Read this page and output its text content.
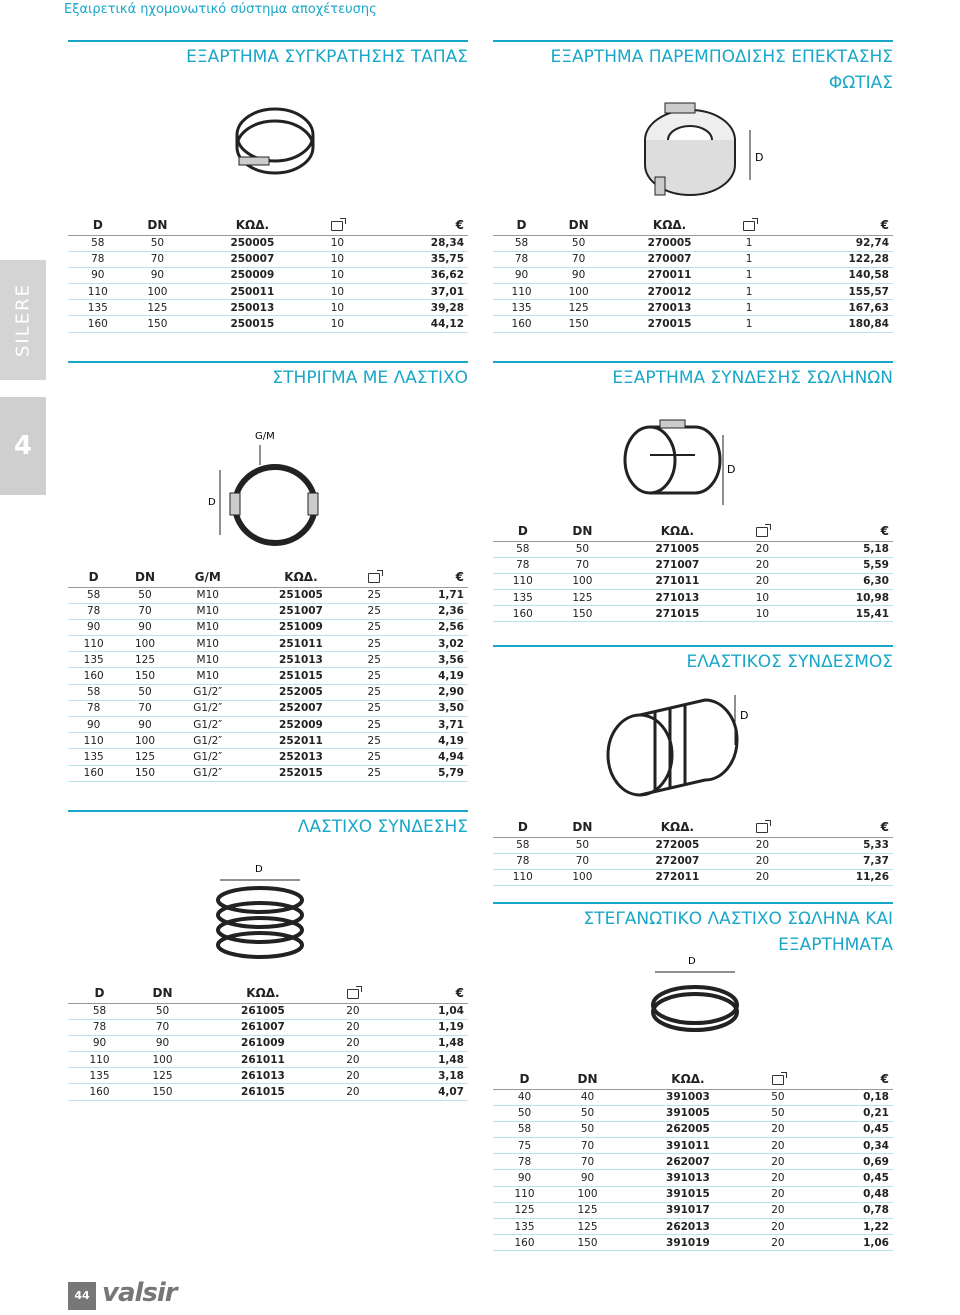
Εξαιρετικά ηχομονωτικό σύστημα αποχέτευσης
SILERE
4
ΕΞΑΡΤΗΜΑ ΣΥΓΚΡΑΤΗΣΗΣ ΤΑΠΑΣ
D	DN	ΚΩΔ.		€
58	50	250005	10	28,34
78	70	250007	10	35,75
90	90	250009	10	36,62
110	100	250011	10	37,01
135	125	250013	10	39,28
160	150	250015	10	44,12
ΕΞΑΡΤΗΜΑ ΠΑΡΕΜΠΟΔΙΣΗΣ ΕΠΕΚΤΑΣΗΣ
ΦΩΤΙΑΣ
D
D	DN	ΚΩΔ.		€
58	50	270005	1	92,74
78	70	270007	1	122,28
90	90	270011	1	140,58
110	100	270012	1	155,57
135	125	270013	1	167,63
160	150	270015	1	180,84
ΣΤΗΡΙΓΜΑ ΜΕ ΛΑΣΤΙΧΟ
G/M
D
D	DN	G/M	ΚΩΔ.		€
58	50	M10	251005	25	1,71
78	70	M10	251007	25	2,36
90	90	M10	251009	25	2,56
110	100	M10	251011	25	3,02
135	125	M10	251013	25	3,56
160	150	M10	251015	25	4,19
58	50	G1/2″	252005	25	2,90
78	70	G1/2″	252007	25	3,50
90	90	G1/2″	252009	25	3,71
110	100	G1/2″	252011	25	4,19
135	125	G1/2″	252013	25	4,94
160	150	G1/2″	252015	25	5,79
ΕΞΑΡΤΗΜΑ ΣΥΝΔΕΣΗΣ ΣΩΛΗΝΩΝ
D
D	DN	ΚΩΔ.		€
58	50	271005	20	5,18
78	70	271007	20	5,59
110	100	271011	20	6,30
135	125	271013	10	10,98
160	150	271015	10	15,41
ΕΛΑΣΤΙΚΟΣ ΣΥΝΔΕΣΜΟΣ
D
D	DN	ΚΩΔ.		€
58	50	272005	20	5,33
78	70	272007	20	7,37
110	100	272011	20	11,26
ΛΑΣΤΙΧΟ ΣΥΝΔΕΣΗΣ
D
D	DN	ΚΩΔ.		€
58	50	261005	20	1,04
78	70	261007	20	1,19
90	90	261009	20	1,48
110	100	261011	20	1,48
135	125	261013	20	3,18
160	150	261015	20	4,07
ΣΤΕΓΑΝΩΤΙΚΟ ΛΑΣΤΙΧΟ ΣΩΛΗΝΑ ΚΑΙ
ΕΞΑΡΤΗΜΑΤΑ
D
D	DN	ΚΩΔ.		€
40	40	391003	50	0,18
50	50	391005	50	0,21
58	50	262005	20	0,45
75	70	391011	20	0,34
78	70	262007	20	0,69
90	90	391013	20	0,45
110	100	391015	20	0,48
125	125	391017	20	0,78
135	125	262013	20	1,22
160	150	391019	20	1,06
44 valsir
